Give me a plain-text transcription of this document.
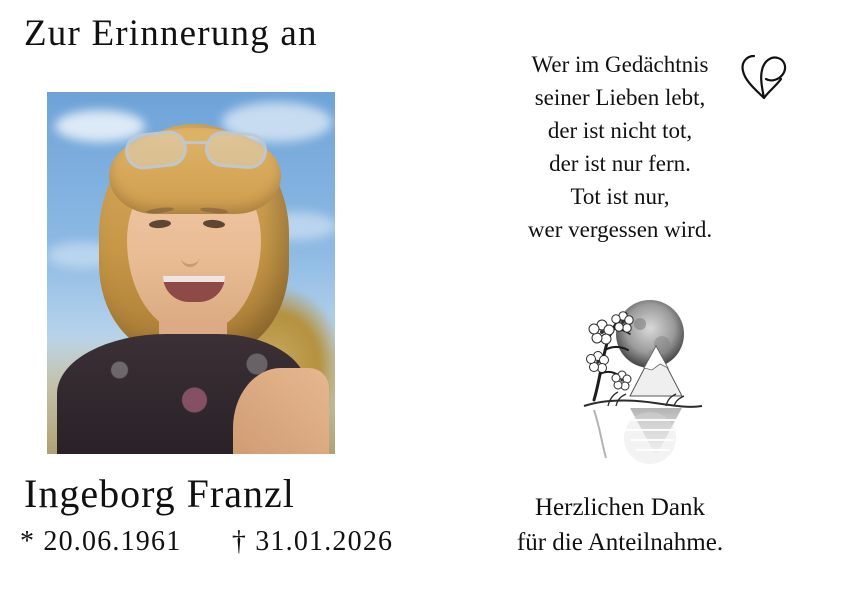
Zur Erinnerung an
Ingeborg Franzl
* 20.06.1961 † 31.01.2026
Wer im Gedächtnis
seiner Lieben lebt,
der ist nicht tot,
der ist nur fern.
Tot ist nur,
wer vergessen wird.
Herzlichen Dank
für die Anteilnahme.
